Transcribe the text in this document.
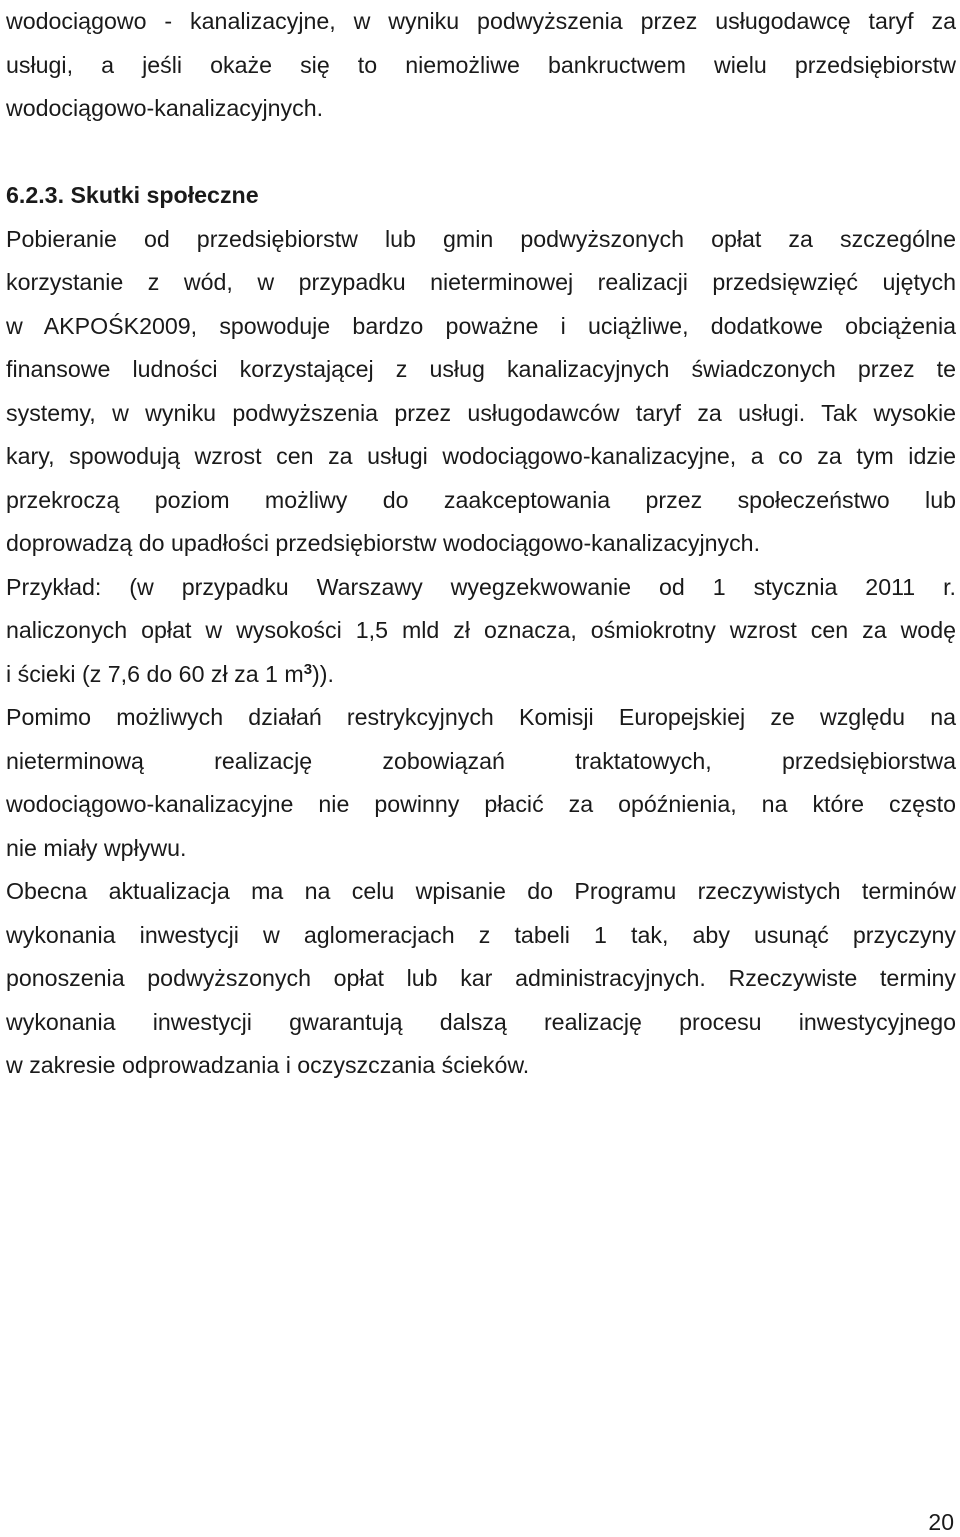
wodociągowo - kanalizacyjne, w wyniku podwyższenia przez usługodawcę taryf za
usługi, a jeśli okaże się to niemożliwe bankructwem wielu przedsiębiorstw
wodociągowo-kanalizacyjnych.
6.2.3. Skutki społeczne
Pobieranie od przedsiębiorstw lub gmin podwyższonych opłat za szczególne
korzystanie z wód, w przypadku nieterminowej realizacji przedsięwzięć ujętych
w AKPOŚK2009, spowoduje bardzo poważne i uciążliwe, dodatkowe obciążenia
finansowe ludności korzystającej z usług kanalizacyjnych świadczonych przez te
systemy, w wyniku podwyższenia przez usługodawców taryf za usługi. Tak wysokie
kary, spowodują wzrost cen za usługi wodociągowo-kanalizacyjne, a co za tym idzie
przekroczą poziom możliwy do zaakceptowania przez społeczeństwo lub
doprowadzą do upadłości przedsiębiorstw wodociągowo-kanalizacyjnych.
Przykład: (w przypadku Warszawy wyegzekwowanie od 1 stycznia 2011 r.
naliczonych opłat w wysokości 1,5 mld zł oznacza, ośmiokrotny wzrost cen za wodę
i ścieki (z 7,6 do 60 zł za 1 $m^3$)).
Pomimo możliwych działań restrykcyjnych Komisji Europejskiej ze względu na
nieterminową realizację zobowiązań traktatowych, przedsiębiorstwa
wodociągowo-kanalizacyjne nie powinny płacić za opóźnienia, na które często
nie miały wpływu.
Obecna aktualizacja ma na celu wpisanie do Programu rzeczywistych terminów
wykonania inwestycji w aglomeracjach z tabeli 1 tak, aby usunąć przyczyny
ponoszenia podwyższonych opłat lub kar administracyjnych. Rzeczywiste terminy
wykonania inwestycji gwarantują dalszą realizację procesu inwestycyjnego
w zakresie odprowadzania i oczyszczania ścieków.
20
